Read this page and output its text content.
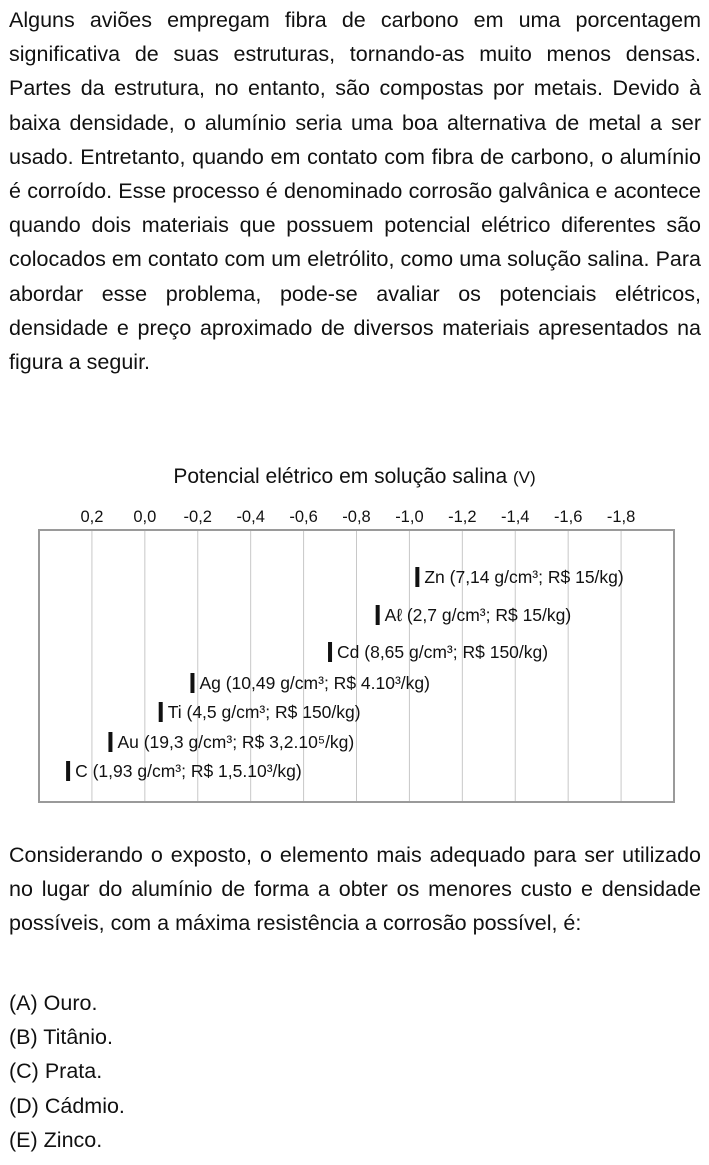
Alguns aviões empregam fibra de carbono em uma porcentagem significativa de suas estruturas, tornando-as muito menos densas. Partes da estrutura, no entanto, são compostas por metais. Devido à baixa densidade, o alumínio seria uma boa alternativa de metal a ser usado. Entretanto, quando em contato com fibra de carbono, o alumínio é corroído. Esse processo é denominado corrosão galvânica e acontece quando dois materiais que possuem potencial elétrico diferentes são colocados em contato com um eletrólito, como uma solução salina. Para abordar esse problema, pode-se avaliar os potenciais elétricos, densidade e preço aproximado de diversos materiais apresentados na figura a seguir.

Potencial elétrico em solução salina (V)
0,2 0,0 -0,2 -0,4 -0,6 -0,8 -1,0 -1,2 -1,4 -1,6 -1,8
Zn (7,14 g/cm³; R$ 15/kg)
Aℓ (2,7 g/cm³; R$ 15/kg)
Cd (8,65 g/cm³; R$ 150/kg)
Ag (10,49 g/cm³; R$ 4.10³/kg)
Ti (4,5 g/cm³; R$ 150/kg)
Au (19,3 g/cm³; R$ 3,2.10⁵/kg)
C (1,93 g/cm³; R$ 1,5.10³/kg)

Considerando o exposto, o elemento mais adequado para ser utilizado no lugar do alumínio de forma a obter os menores custo e densidade possíveis, com a máxima resistência a corrosão possível, é:

(A) Ouro.
(B) Titânio.
(C) Prata.
(D) Cádmio.
(E) Zinco.
